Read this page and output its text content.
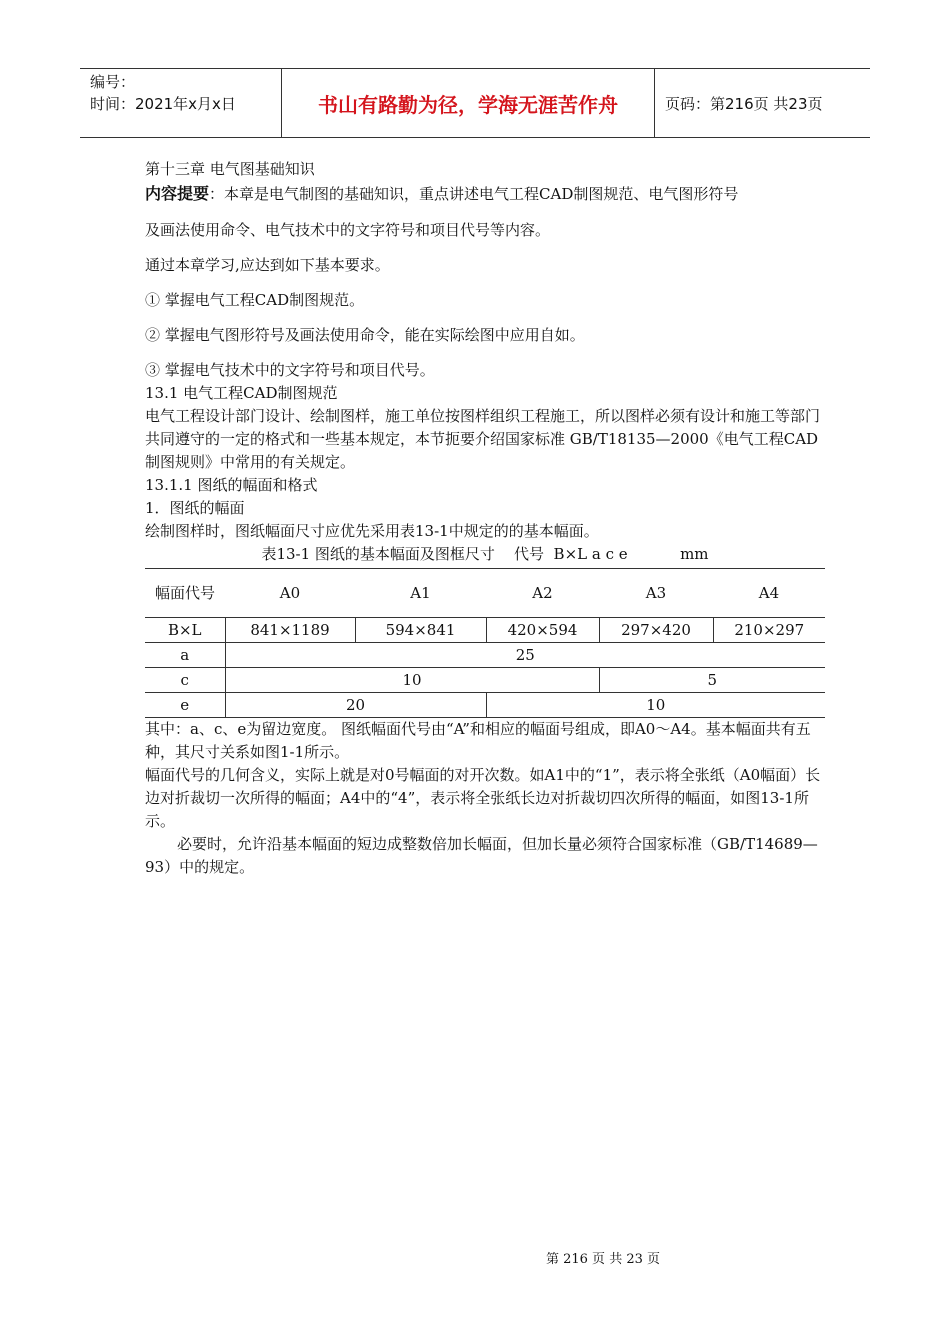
编号：
时间：2021年x月x日	书山有路勤为径，学海无涯苦作舟	页码：第216页 共23页
第十三章 电气图基础知识
内容提要：本章是电气制图的基础知识，重点讲述电气工程CAD制图规范、电气图形符号
及画法使用命令、电气技术中的文字符号和项目代号等内容。
通过本章学习,应达到如下基本要求。
① 掌握电气工程CAD制图规范。
② 掌握电气图形符号及画法使用命令，能在实际绘图中应用自如。
③ 掌握电气技术中的文字符号和项目代号。
13.1 电气工程CAD制图规范
电气工程设计部门设计、绘制图样，施工单位按图样组织工程施工，所以图样必须有设计和施工等部门共同遵守的一定的格式和一些基本规定，本节扼要介绍国家标准 GB/T18135—2000《电气工程CAD制图规则》中常用的有关规定。
13.1.1 图纸的幅面和格式
1．图纸的幅面
绘制图样时，图纸幅面尺寸应优先采用表13-1中规定的的基本幅面。
表13-1 图纸的基本幅面及图框尺寸    代号  B×L a c e           mm
幅面代号	A0	A1	A2	A3	A4
B×L	841×1189	594×841	420×594	297×420	210×297
a	25				
c	10			5	
e	20		10		
其中：a、c、e为留边宽度。 图纸幅面代号由“A”和相应的幅面号组成，即A0～A4。基本幅面共有五种，其尺寸关系如图1-1所示。
幅面代号的几何含义，实际上就是对0号幅面的对开次数。如A1中的“1”，表示将全张纸（A0幅面）长边对折裁切一次所得的幅面；A4中的“4”，表示将全张纸长边对折裁切四次所得的幅面，如图13-1所示。
必要时，允许沿基本幅面的短边成整数倍加长幅面，但加长量必须符合国家标准（GB/T14689—93）中的规定。
第 216 页 共 23 页
